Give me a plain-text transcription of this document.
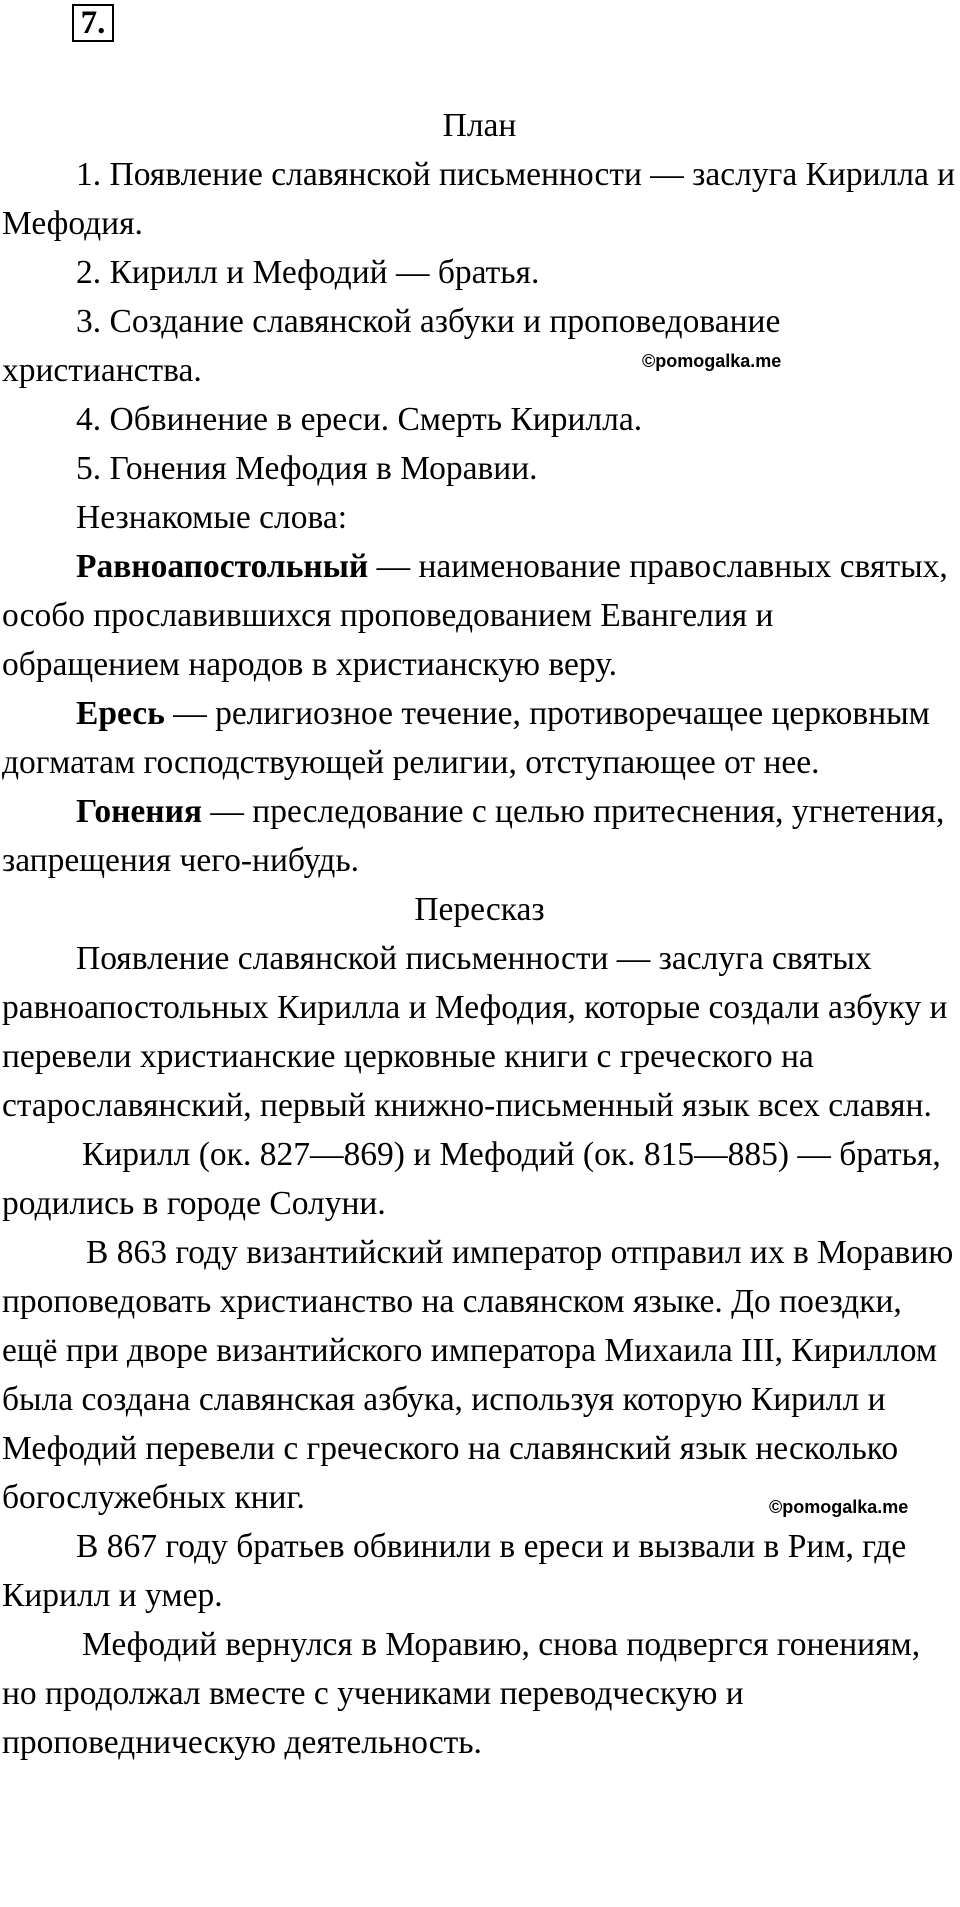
7.

План

1. Появление славянской письменности — заслуга Кирилла и Мефодия.

2. Кирилл и Мефодий — братья.

3. Создание славянской азбуки и проповедование христианства.

4. Обвинение в ереси. Смерть Кирилла.

5. Гонения Мефодия в Моравии.

Незнакомые слова:

Равноапостольный — наименование православных святых, особо прославившихся проповедованием Евангелия и обращением народов в христианскую веру.

Ересь — религиозное течение, противоречащее церковным догматам господствующей религии, отступающее от нее.

Гонения — преследование с целью притеснения, угнетения, запрещения чего-нибудь.

Пересказ

Появление славянской письменности — заслуга святых равноапостольных Кирилла и Мефодия, которые создали азбуку и перевели христианские церковные книги с греческого на старославянский, первый книжно-письменный язык всех славян.

Кирилл (ок. 827—869) и Мефодий (ок. 815—885) — братья, родились в городе Солуни.

В 863 году византийский император отправил их в Моравию проповедовать христианство на славянском языке. До поездки, ещё при дворе византийского императора Михаила III, Кириллом была создана славянская азбука, используя которую Кирилл и Мефодий перевели с греческого на славянский язык несколько богослужебных книг.

В 867 году братьев обвинили в ереси и вызвали в Рим, где Кирилл и умер.

Мефодий вернулся в Моравию, снова подвергся гонениям, но продолжал вместе с учениками переводческую и проповедническую деятельность.

©pomogalka.me
©pomogalka.me
